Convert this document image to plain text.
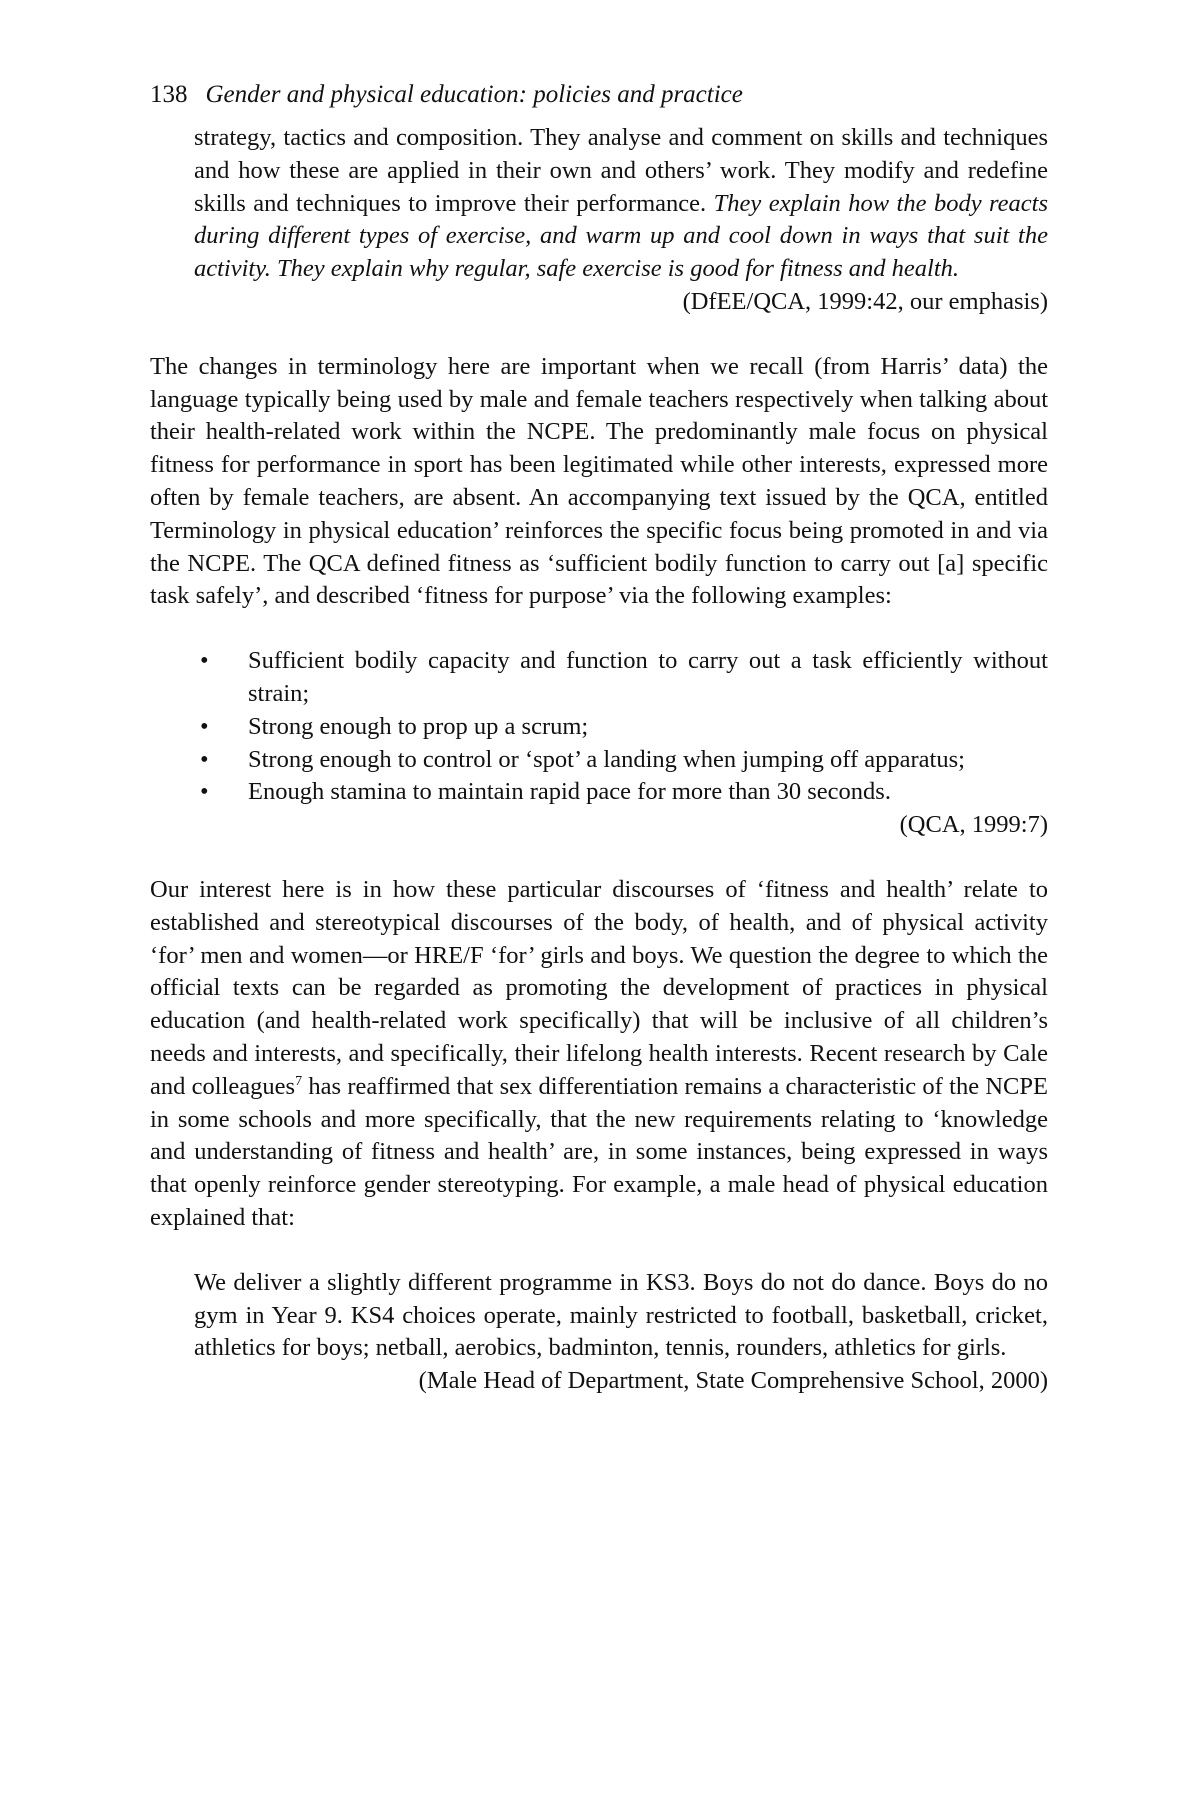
138 Gender and physical education: policies and practice

strategy, tactics and composition. They analyse and comment on skills and techniques and how these are applied in their own and others’ work. They modify and redefine skills and techniques to improve their performance. They explain how the body reacts during different types of exercise, and warm up and cool down in ways that suit the activity. They explain why regular, safe exercise is good for fitness and health.

(DfEE/QCA, 1999:42, our emphasis)

The changes in terminology here are important when we recall (from Harris’ data) the language typically being used by male and female teachers respectively when talking about their health-related work within the NCPE. The predominantly male focus on physical fitness for performance in sport has been legitimated while other interests, expressed more often by female teachers, are absent. An accompanying text issued by the QCA, entitled Terminology in physical education’ reinforces the specific focus being promoted in and via the NCPE. The QCA defined fitness as ‘sufficient bodily function to carry out [a] specific task safely’, and described ‘fitness for purpose’ via the following examples:

• Sufficient bodily capacity and function to carry out a task efficiently without strain;
• Strong enough to prop up a scrum;
• Strong enough to control or ‘spot’ a landing when jumping off apparatus;
• Enough stamina to maintain rapid pace for more than 30 seconds.

(QCA, 1999:7)

Our interest here is in how these particular discourses of ‘fitness and health’ relate to established and stereotypical discourses of the body, of health, and of physical activity ‘for’ men and women—or HRE/F ‘for’ girls and boys. We question the degree to which the official texts can be regarded as promoting the development of practices in physical education (and health-related work specifically) that will be inclusive of all children’s needs and interests, and specifically, their lifelong health interests. Recent research by Cale and colleagues$^7$ has reaffirmed that sex differentiation remains a characteristic of the NCPE in some schools and more specifically, that the new requirements relating to ‘knowledge and understanding of fitness and health’ are, in some instances, being expressed in ways that openly reinforce gender stereotyping. For example, a male head of physical education explained that:

We deliver a slightly different programme in KS3. Boys do not do dance. Boys do no gym in Year 9. KS4 choices operate, mainly restricted to football, basketball, cricket, athletics for boys; netball, aerobics, badminton, tennis, rounders, athletics for girls.

(Male Head of Department, State Comprehensive School, 2000)
